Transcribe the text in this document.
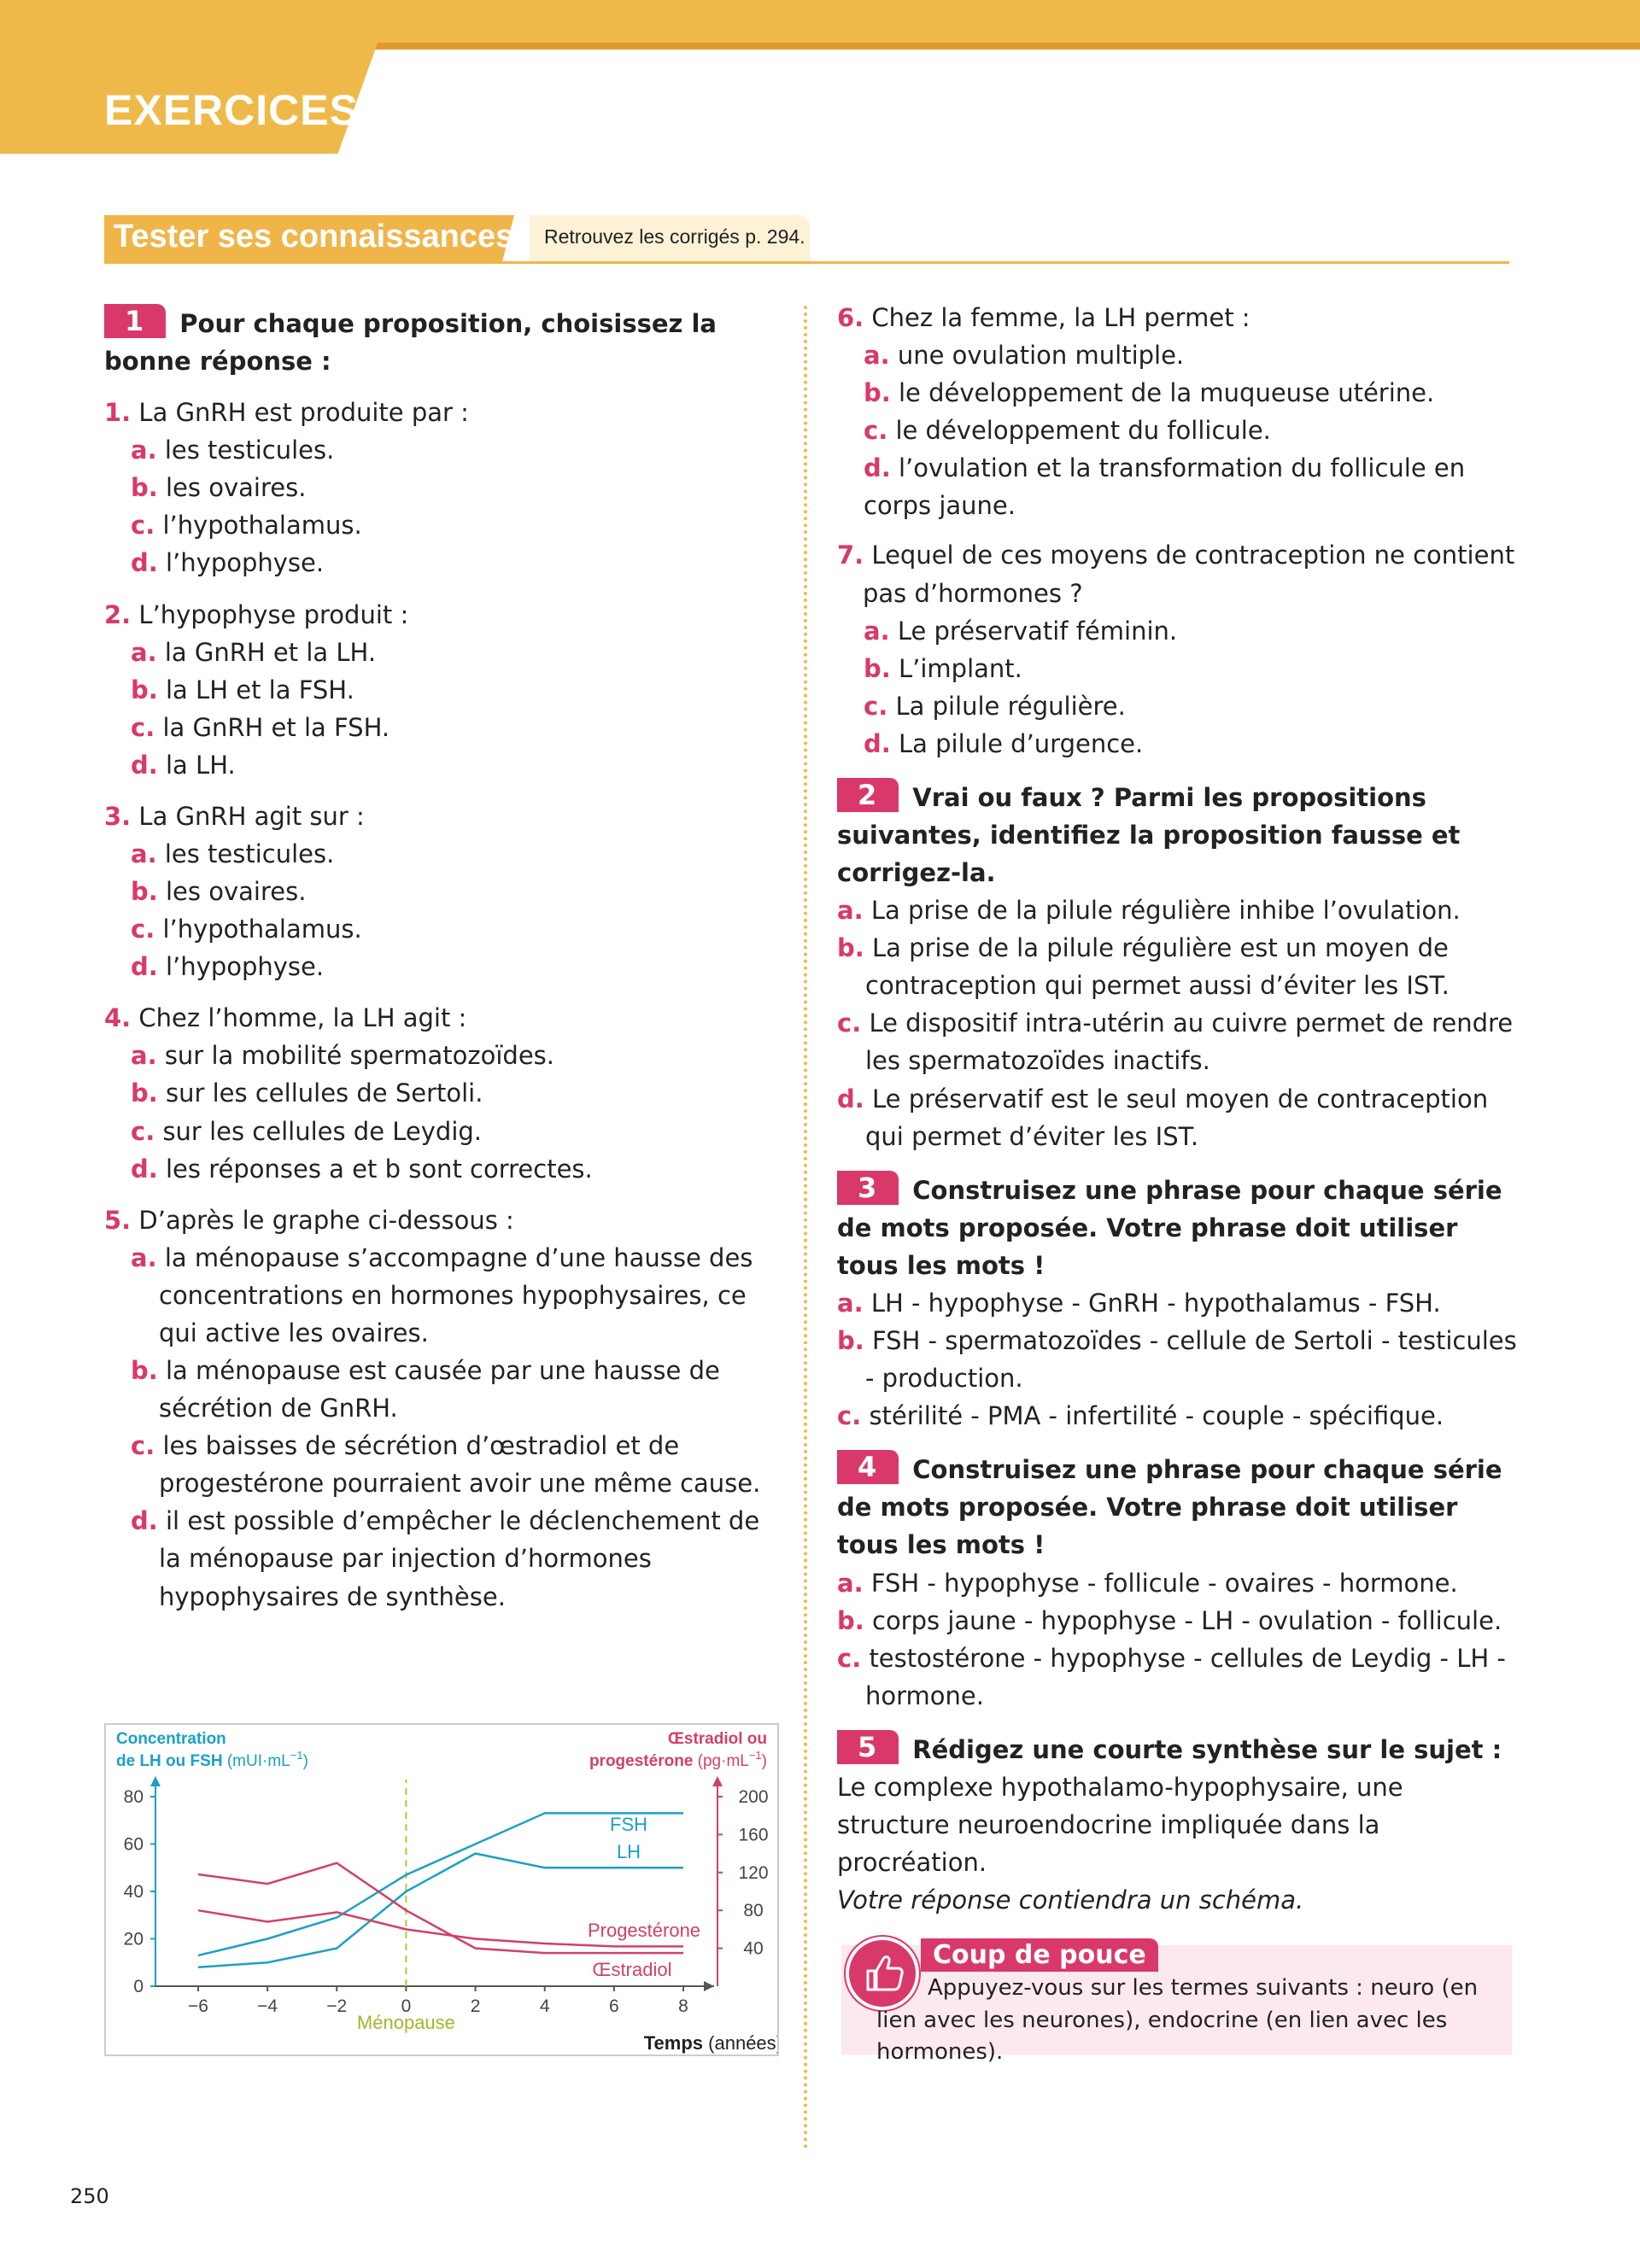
EXERCICES
Tester ses connaissances Retrouvez les corrigés p. 294.

1 Pour chaque proposition, choisissez la bonne réponse :

1. La GnRH est produite par :

a. les testicules.

b. les ovaires.

c. l’hypothalamus.

d. l’hypophyse.

2. L’hypophyse produit :

a. la GnRH et la LH.

b. la LH et la FSH.

c. la GnRH et la FSH.

d. la LH.

3. La GnRH agit sur :

a. les testicules.

b. les ovaires.

c. l’hypothalamus.

d. l’hypophyse.

4. Chez l’homme, la LH agit :

a. sur la mobilité spermatozoïdes.

b. sur les cellules de Sertoli.

c. sur les cellules de Leydig.

d. les réponses a et b sont correctes.

5. D’après le graphe ci-dessous :

a. la ménopause s’accompagne d’une hausse des concentrations en hormones hypophysaires, ce qui active les ovaires.

b. la ménopause est causée par une hausse de sécrétion de GnRH.

c. les baisses de sécrétion d’œstradiol et de progestérone pourraient avoir une même cause.

d. il est possible d’empêcher le déclenchement de la ménopause par injection d’hormones hypophysaires de synthèse.

Concentration
de LH ou FSH $(mUI\cdot mL^{-1})$
Œstradiol ou
progestérone $(pg\cdot mL^{-1})$
0
20
40
60
80
40
80
120
160
200
−6	−4	−2	0	2	4	6	8
Ménopause
FSH
LH
Progestérone
Œstradiol
Temps (années)

6. Chez la femme, la LH permet :

a. une ovulation multiple.

b. le développement de la muqueuse utérine.

c. le développement du follicule.

d. l’ovulation et la transformation du follicule en corps jaune.

7. Lequel de ces moyens de contraception ne contient pas d’hormones ?

a. Le préservatif féminin.

b. L’implant.

c. La pilule régulière.

d. La pilule d’urgence.

2 Vrai ou faux ? Parmi les propositions suivantes, identifiez la proposition fausse et corrigez-la.

a. La prise de la pilule régulière inhibe l’ovulation.

b. La prise de la pilule régulière est un moyen de contraception qui permet aussi d’éviter les IST.

c. Le dispositif intra-utérin au cuivre permet de rendre les spermatozoïdes inactifs.

d. Le préservatif est le seul moyen de contraception qui permet d’éviter les IST.

3 Construisez une phrase pour chaque série de mots proposée. Votre phrase doit utiliser tous les mots !

a. LH - hypophyse - GnRH - hypothalamus - FSH.

b. FSH - spermatozoïdes - cellule de Sertoli - testicules - production.

c. stérilité - PMA - infertilité - couple - spécifique.

4 Construisez une phrase pour chaque série de mots proposée. Votre phrase doit utiliser tous les mots !

a. FSH - hypophyse - follicule - ovaires - hormone.

b. corps jaune - hypophyse - LH - ovulation - follicule.

c. testostérone - hypophyse - cellules de Leydig - LH - hormone.

5 Rédigez une courte synthèse sur le sujet :

Le complexe hypothalamo-hypophysaire, une structure neuroendocrine impliquée dans la procréation.

Votre réponse contiendra un schéma.

Coup de pouce
Appuyez-vous sur les termes suivants : neuro (en lien avec les neurones), endocrine (en lien avec les hormones).
250
